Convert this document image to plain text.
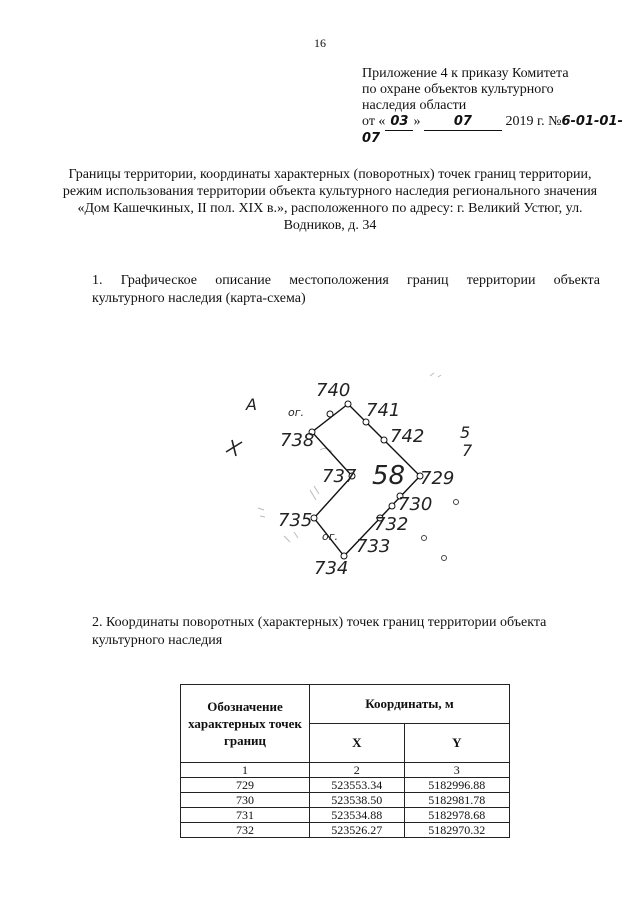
16
Приложение 4 к приказу Комитета
по охране объектов культурного
наследия области
от « 03 »	07 2019 г. №6-01-01-07
Границы территории, координаты характерных (поворотных) точек границ территории, режим использования территории объекта культурного наследия регионального значения «Дом Кашечкиных, II пол. XIX в.», расположенного по адресу: г. Великий Устюг, ул. Водников, д. 34
1. Графическое описание местоположения границ территории объекта
культурного наследия (карта-схема)
А
58
ог.
ог.
740
741
742
738
737	729
730
732
735
733
734
5
7
2. Координаты поворотных (характерных) точек границ территории объекта культурного наследия
Обозначение характерных точек границ	Координаты, м	
	X	Y
1	2	3
729	523553.34	5182996.88
730	523538.50	5182981.78
731	523534.88	5182978.68
732	523526.27	5182970.32
